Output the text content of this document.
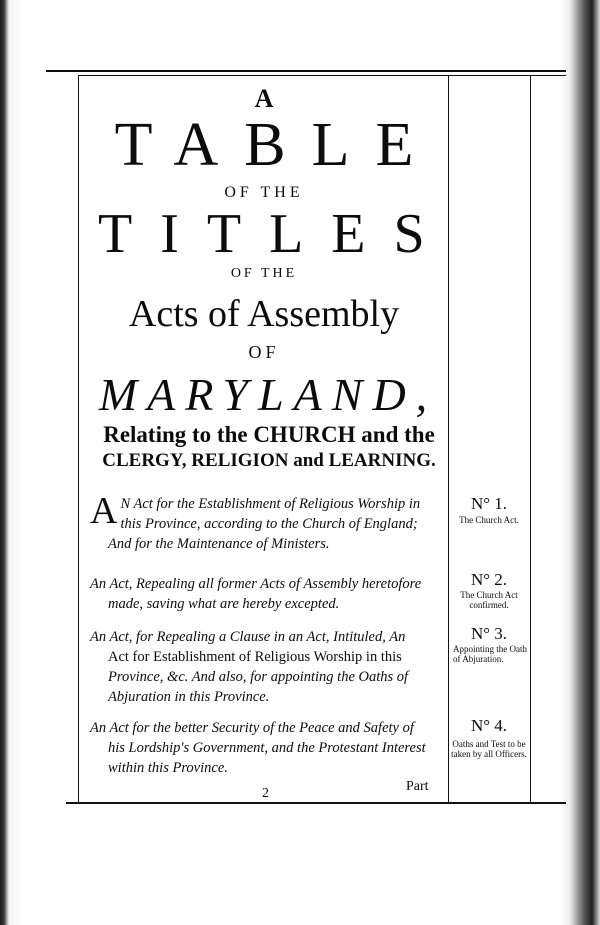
A
TABLE
OF THE
TITLES
OF THE
Acts of Assembly
OF
MARYLAND,
Relating to the CHURCH and the
CLERGY, RELIGION and LEARNING.
A N Act for the Establishment of Religious Worship in
this Province, according to the Church of England;
And for the Maintenance of Ministers.
N° 1.
The Church Act.
An Act, Repealing all former Acts of Assembly heretofore
made, saving what are hereby excepted.
N° 2.
The Church Act confirmed.
An Act, for Repealing a Clause in an Act, Intituled, An
Act for Establishment of Religious Worship in this
Province, &c. And also, for appointing the Oaths of
Abjuration in this Province.
N° 3.
Appointing the Oath of Abjuration.
An Act for the better Security of the Peace and Safety of
his Lordship's Government, and the Protestant Interest
within this Province.
N° 4.
Oaths and Test to be taken by all Officers.
2	Part
